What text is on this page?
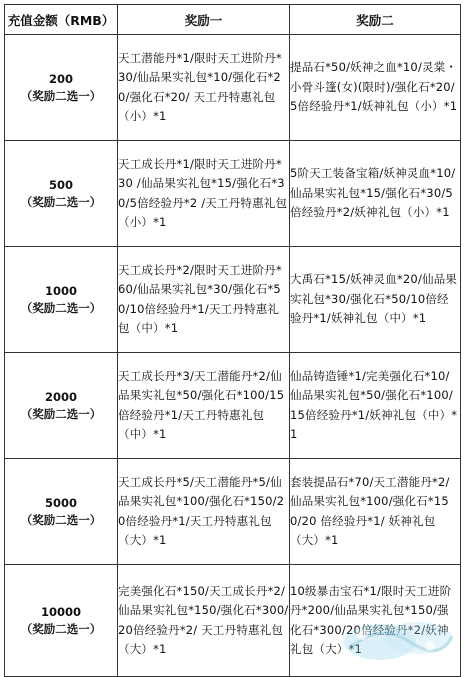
充值金额（RMB）	奖励一	奖励二

200
（奖励二选一）	天工潜能丹*1/限时天工进阶丹*30/仙品果实礼包*10/强化石*20/强化石*20/ 天工丹特惠礼包（小）*1	提品石*50/妖神之血*10/灵棠・小骨斗篷(女)(限时)/强化石*20/5倍经验丹*1/妖神礼包（小）*1

500
（奖励二选一）	天工成长丹*1/限时天工进阶丹*30 /仙品果实礼包*15/强化石*30/5倍经验丹*2 /天工丹特惠礼包（小）*1	5阶天工装备宝箱/妖神灵血*10/仙品果实礼包*15/强化石*30/5倍经验丹*2/妖神礼包（小）*1

1000
（奖励二选一）	天工成长丹*2/限时天工进阶丹*60/仙品果实礼包*30/强化石*50/10倍经验丹*1/天工丹特惠礼包（中）*1	大禹石*15/妖神灵血*20/仙品果实礼包*30/强化石*50/10倍经验丹*1/妖神礼包（中）*1

2000
（奖励二选一）	天工成长丹*3/天工潜能丹*2/仙品果实礼包*50/强化石*100/15倍经验丹*1/天工丹特惠礼包（中）*1	仙品铸造锤*1/完美强化石*10/ 仙品果实礼包*50/强化石*100/15倍经验丹*1/妖神礼包（中）*1

5000
（奖励二选一）	天工成长丹*5/天工潜能丹*5/仙品果实礼包*100/强化石*150/20倍经验丹*1/天工丹特惠礼包（大）*1	套装提品石*70/天工潜能丹*2/仙品果实礼包*100/强化石*150/20 倍经验丹*1/ 妖神礼包（大）*1

10000
（奖励二选一）	完美强化石*150/天工成长丹*2/仙品果实礼包*150/强化石*300/20倍经验丹*2/ 天工丹特惠礼包（大）*1	10级暴击宝石*1/限时天工进阶丹*200/仙品果实礼包*150/强化石*300/20倍经验丹*2/妖神礼包（大）*1
